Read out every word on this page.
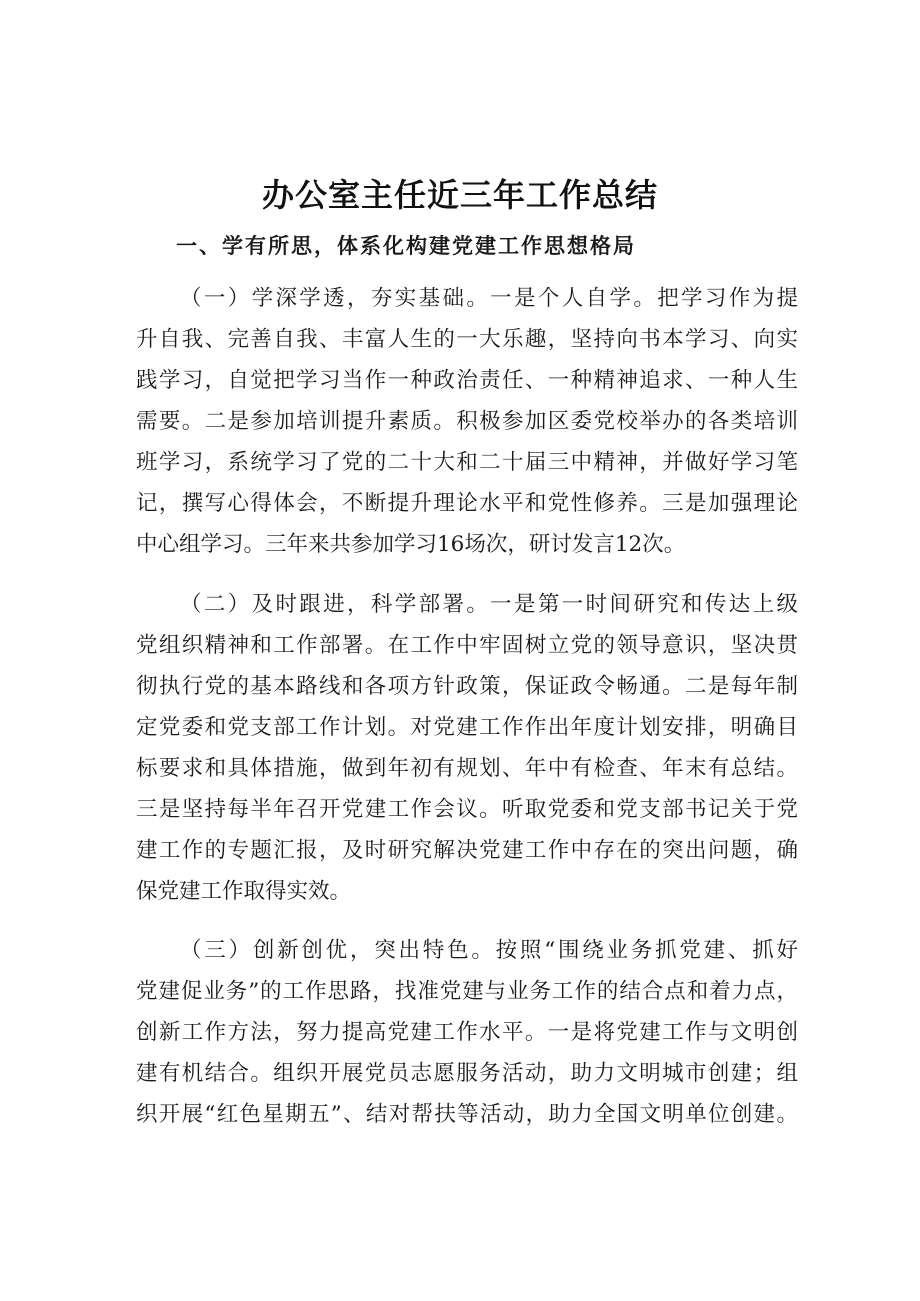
办公室主任近三年工作总结
一、学有所思，体系化构建党建工作思想格局
（一）学深学透，夯实基础。一是个人自学。把学习作为提
升自我、完善自我、丰富人生的一大乐趣，坚持向书本学习、向实
践学习，自觉把学习当作一种政治责任、一种精神追求、一种人生
需要。二是参加培训提升素质。积极参加区委党校举办的各类培训
班学习，系统学习了党的二十大和二十届三中精神，并做好学习笔
记，撰写心得体会，不断提升理论水平和党性修养。三是加强理论
中心组学习。三年来共参加学习16场次，研讨发言12次。
（二）及时跟进，科学部署。一是第一时间研究和传达上级
党组织精神和工作部署。在工作中牢固树立党的领导意识，坚决贯
彻执行党的基本路线和各项方针政策，保证政令畅通。二是每年制
定党委和党支部工作计划。对党建工作作出年度计划安排，明确目
标要求和具体措施，做到年初有规划、年中有检查、年末有总结。
三是坚持每半年召开党建工作会议。听取党委和党支部书记关于党
建工作的专题汇报，及时研究解决党建工作中存在的突出问题，确
保党建工作取得实效。
（三）创新创优，突出特色。按照“围绕业务抓党建、抓好
党建促业务”的工作思路，找准党建与业务工作的结合点和着力点，
创新工作方法，努力提高党建工作水平。一是将党建工作与文明创
建有机结合。组织开展党员志愿服务活动，助力文明城市创建；组
织开展“红色星期五”、结对帮扶等活动，助力全国文明单位创建。
